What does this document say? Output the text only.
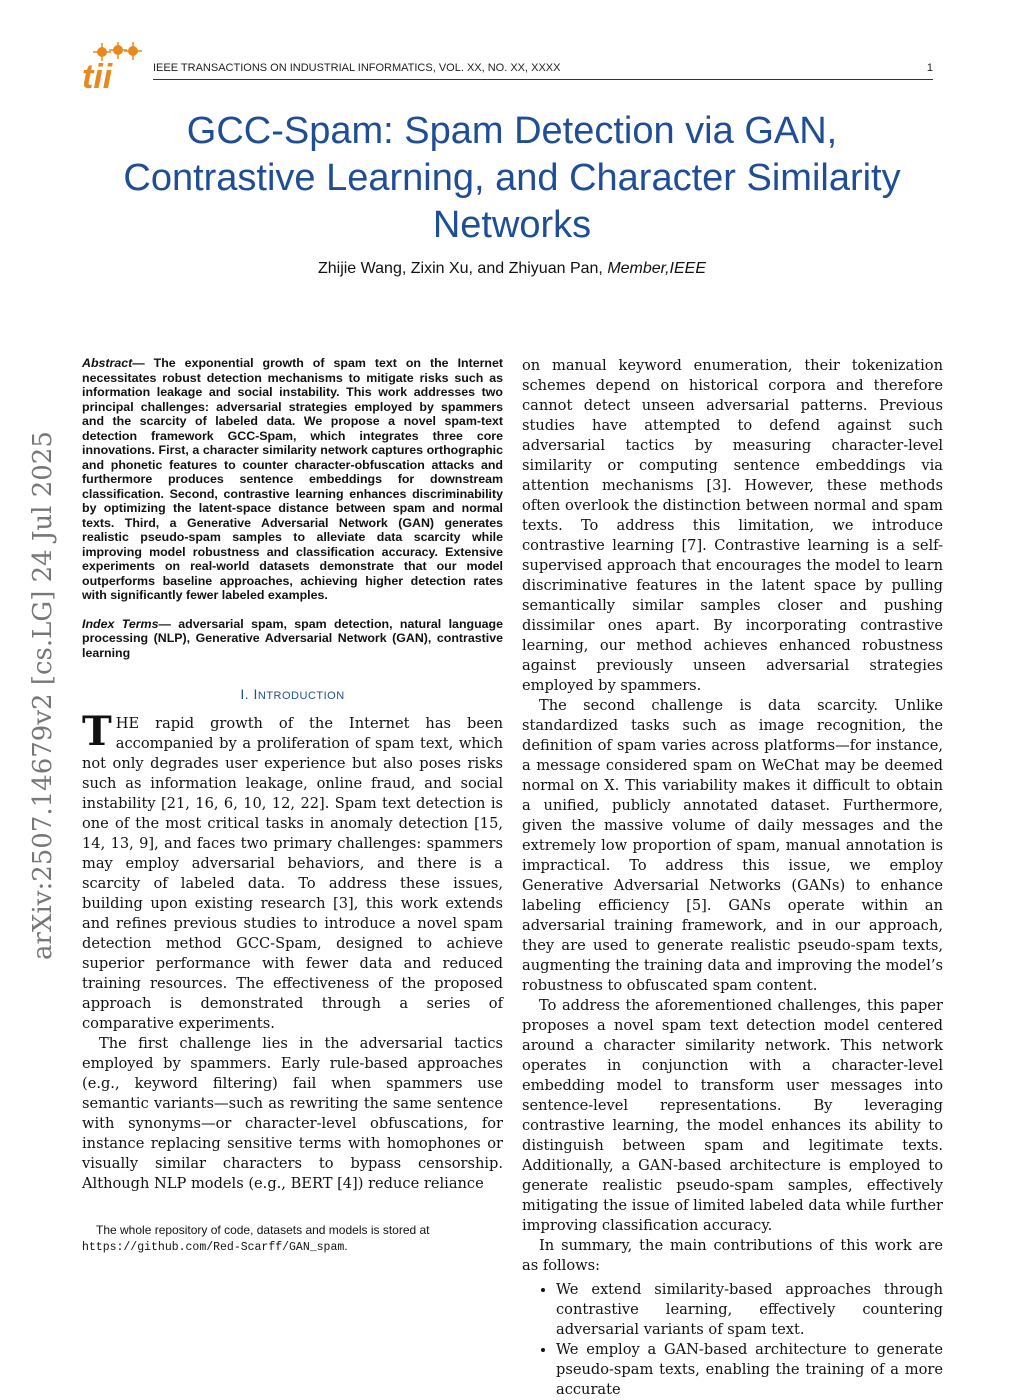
tii	IEEE TRANSACTIONS ON INDUSTRIAL INFORMATICS, VOL. XX, NO. XX, XXXX	1
arXiv:2507.14679v2 [cs.LG] 24 Jul 2025
GCC-Spam: Spam Detection via GAN, Contrastive Learning, and Character Similarity Networks
Zhijie Wang, Zixin Xu, and Zhiyuan Pan, Member,IEEE

Abstract— The exponential growth of spam text on the Internet necessitates robust detection mechanisms to mitigate risks such as information leakage and social instability. This work addresses two principal challenges: adversarial strategies employed by spammers and the scarcity of labeled data. We propose a novel spam-text detection framework GCC-Spam, which integrates three core innovations. First, a character similarity network captures orthographic and phonetic features to counter character-obfuscation attacks and furthermore produces sentence embeddings for downstream classification. Second, contrastive learning enhances discriminability by optimizing the latent-space distance between spam and normal texts. Third, a Generative Adversarial Network (GAN) generates realistic pseudo-spam samples to alleviate data scarcity while improving model robustness and classification accuracy. Extensive experiments on real-world datasets demonstrate that our model outperforms baseline approaches, achieving higher detection rates with significantly fewer labeled examples.

Index Terms— adversarial spam, spam detection, natural language processing (NLP), Generative Adversarial Network (GAN), contrastive learning

I. INTRODUCTION

THE rapid growth of the Internet has been accompanied by a proliferation of spam text, which not only degrades user experience but also poses risks such as information leakage, online fraud, and social instability [21, 16, 6, 10, 12, 22]. Spam text detection is one of the most critical tasks in anomaly detection [15, 14, 13, 9], and faces two primary challenges: spammers may employ adversarial behaviors, and there is a scarcity of labeled data. To address these issues, building upon existing research [3], this work extends and refines previous studies to introduce a novel spam detection method GCC-Spam, designed to achieve superior performance with fewer data and reduced training resources. The effectiveness of the proposed approach is demonstrated through a series of comparative experiments.

The first challenge lies in the adversarial tactics employed by spammers. Early rule-based approaches (e.g., keyword filtering) fail when spammers use semantic variants—such as rewriting the same sentence with synonyms—or character-level obfuscations, for instance replacing sensitive terms with homophones or visually similar characters to bypass censorship. Although NLP models (e.g., BERT [4]) reduce reliance

The whole repository of code, datasets and models is stored at https://github.com/Red-Scarff/GAN_spam.

on manual keyword enumeration, their tokenization schemes depend on historical corpora and therefore cannot detect unseen adversarial patterns. Previous studies have attempted to defend against such adversarial tactics by measuring character-level similarity or computing sentence embeddings via attention mechanisms [3]. However, these methods often overlook the distinction between normal and spam texts. To address this limitation, we introduce contrastive learning [7]. Contrastive learning is a self-supervised approach that encourages the model to learn discriminative features in the latent space by pulling semantically similar samples closer and pushing dissimilar ones apart. By incorporating contrastive learning, our method achieves enhanced robustness against previously unseen adversarial strategies employed by spammers.

The second challenge is data scarcity. Unlike standardized tasks such as image recognition, the definition of spam varies across platforms—for instance, a message considered spam on WeChat may be deemed normal on X. This variability makes it difficult to obtain a unified, publicly annotated dataset. Furthermore, given the massive volume of daily messages and the extremely low proportion of spam, manual annotation is impractical. To address this issue, we employ Generative Adversarial Networks (GANs) to enhance labeling efficiency [5]. GANs operate within an adversarial training framework, and in our approach, they are used to generate realistic pseudo-spam texts, augmenting the training data and improving the model’s robustness to obfuscated spam content.

To address the aforementioned challenges, this paper proposes a novel spam text detection model centered around a character similarity network. This network operates in conjunction with a character-level embedding model to transform user messages into sentence-level representations. By leveraging contrastive learning, the model enhances its ability to distinguish between spam and legitimate texts. Additionally, a GAN-based architecture is employed to generate realistic pseudo-spam samples, effectively mitigating the issue of limited labeled data while further improving classification accuracy.

In summary, the main contributions of this work are as follows:

• We extend similarity-based approaches through contrastive learning, effectively countering adversarial variants of spam text.
• We employ a GAN-based architecture to generate pseudo-spam texts, enabling the training of a more accurate
